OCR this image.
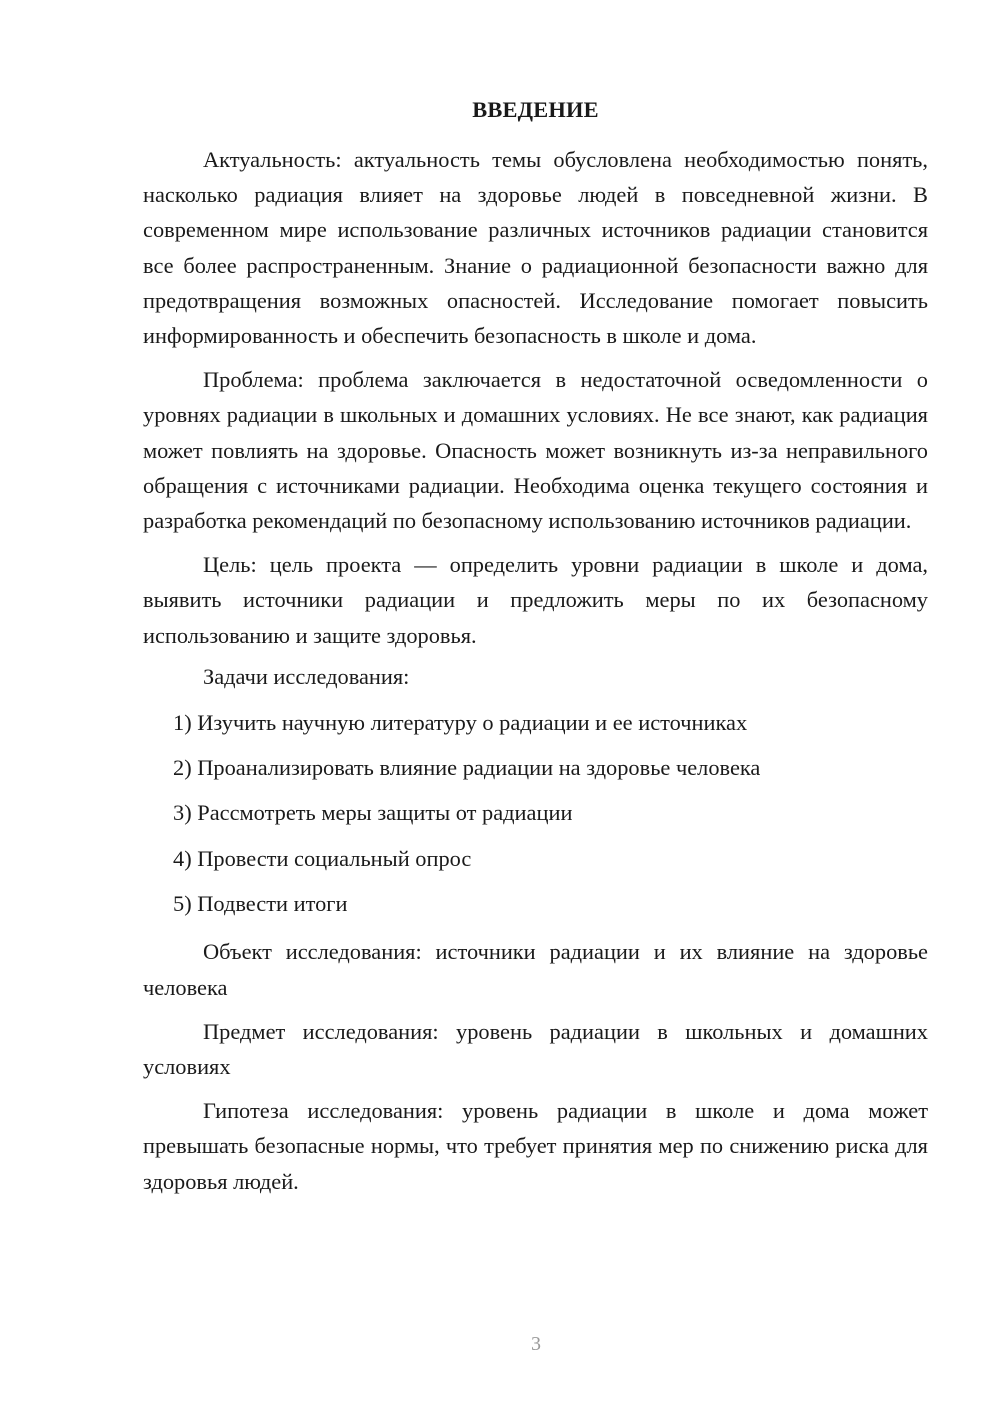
ВВЕДЕНИЕ

Актуальность: актуальность темы обусловлена необходимостью понять, насколько радиация влияет на здоровье людей в повседневной жизни. В современном мире использование различных источников радиации становится все более распространенным. Знание о радиационной безопасности важно для предотвращения возможных опасностей. Исследование помогает повысить информированность и обеспечить безопасность в школе и дома.

Проблема: проблема заключается в недостаточной осведомленности о уровнях радиации в школьных и домашних условиях. Не все знают, как радиация может повлиять на здоровье. Опасность может возникнуть из-за неправильного обращения с источниками радиации. Необходима оценка текущего состояния и разработка рекомендаций по безопасному использованию источников радиации.

Цель: цель проекта — определить уровни радиации в школе и дома, выявить источники радиации и предложить меры по их безопасному использованию и защите здоровья.

Задачи исследования:

1) Изучить научную литературу о радиации и ее источниках
2) Проанализировать влияние радиации на здоровье человека
3) Рассмотреть меры защиты от радиации
4) Провести социальный опрос
5) Подвести итоги

Объект исследования: источники радиации и их влияние на здоровье человека

Предмет исследования: уровень радиации в школьных и домашних условиях

Гипотеза исследования: уровень радиации в школе и дома может превышать безопасные нормы, что требует принятия мер по снижению риска для здоровья людей.

3
